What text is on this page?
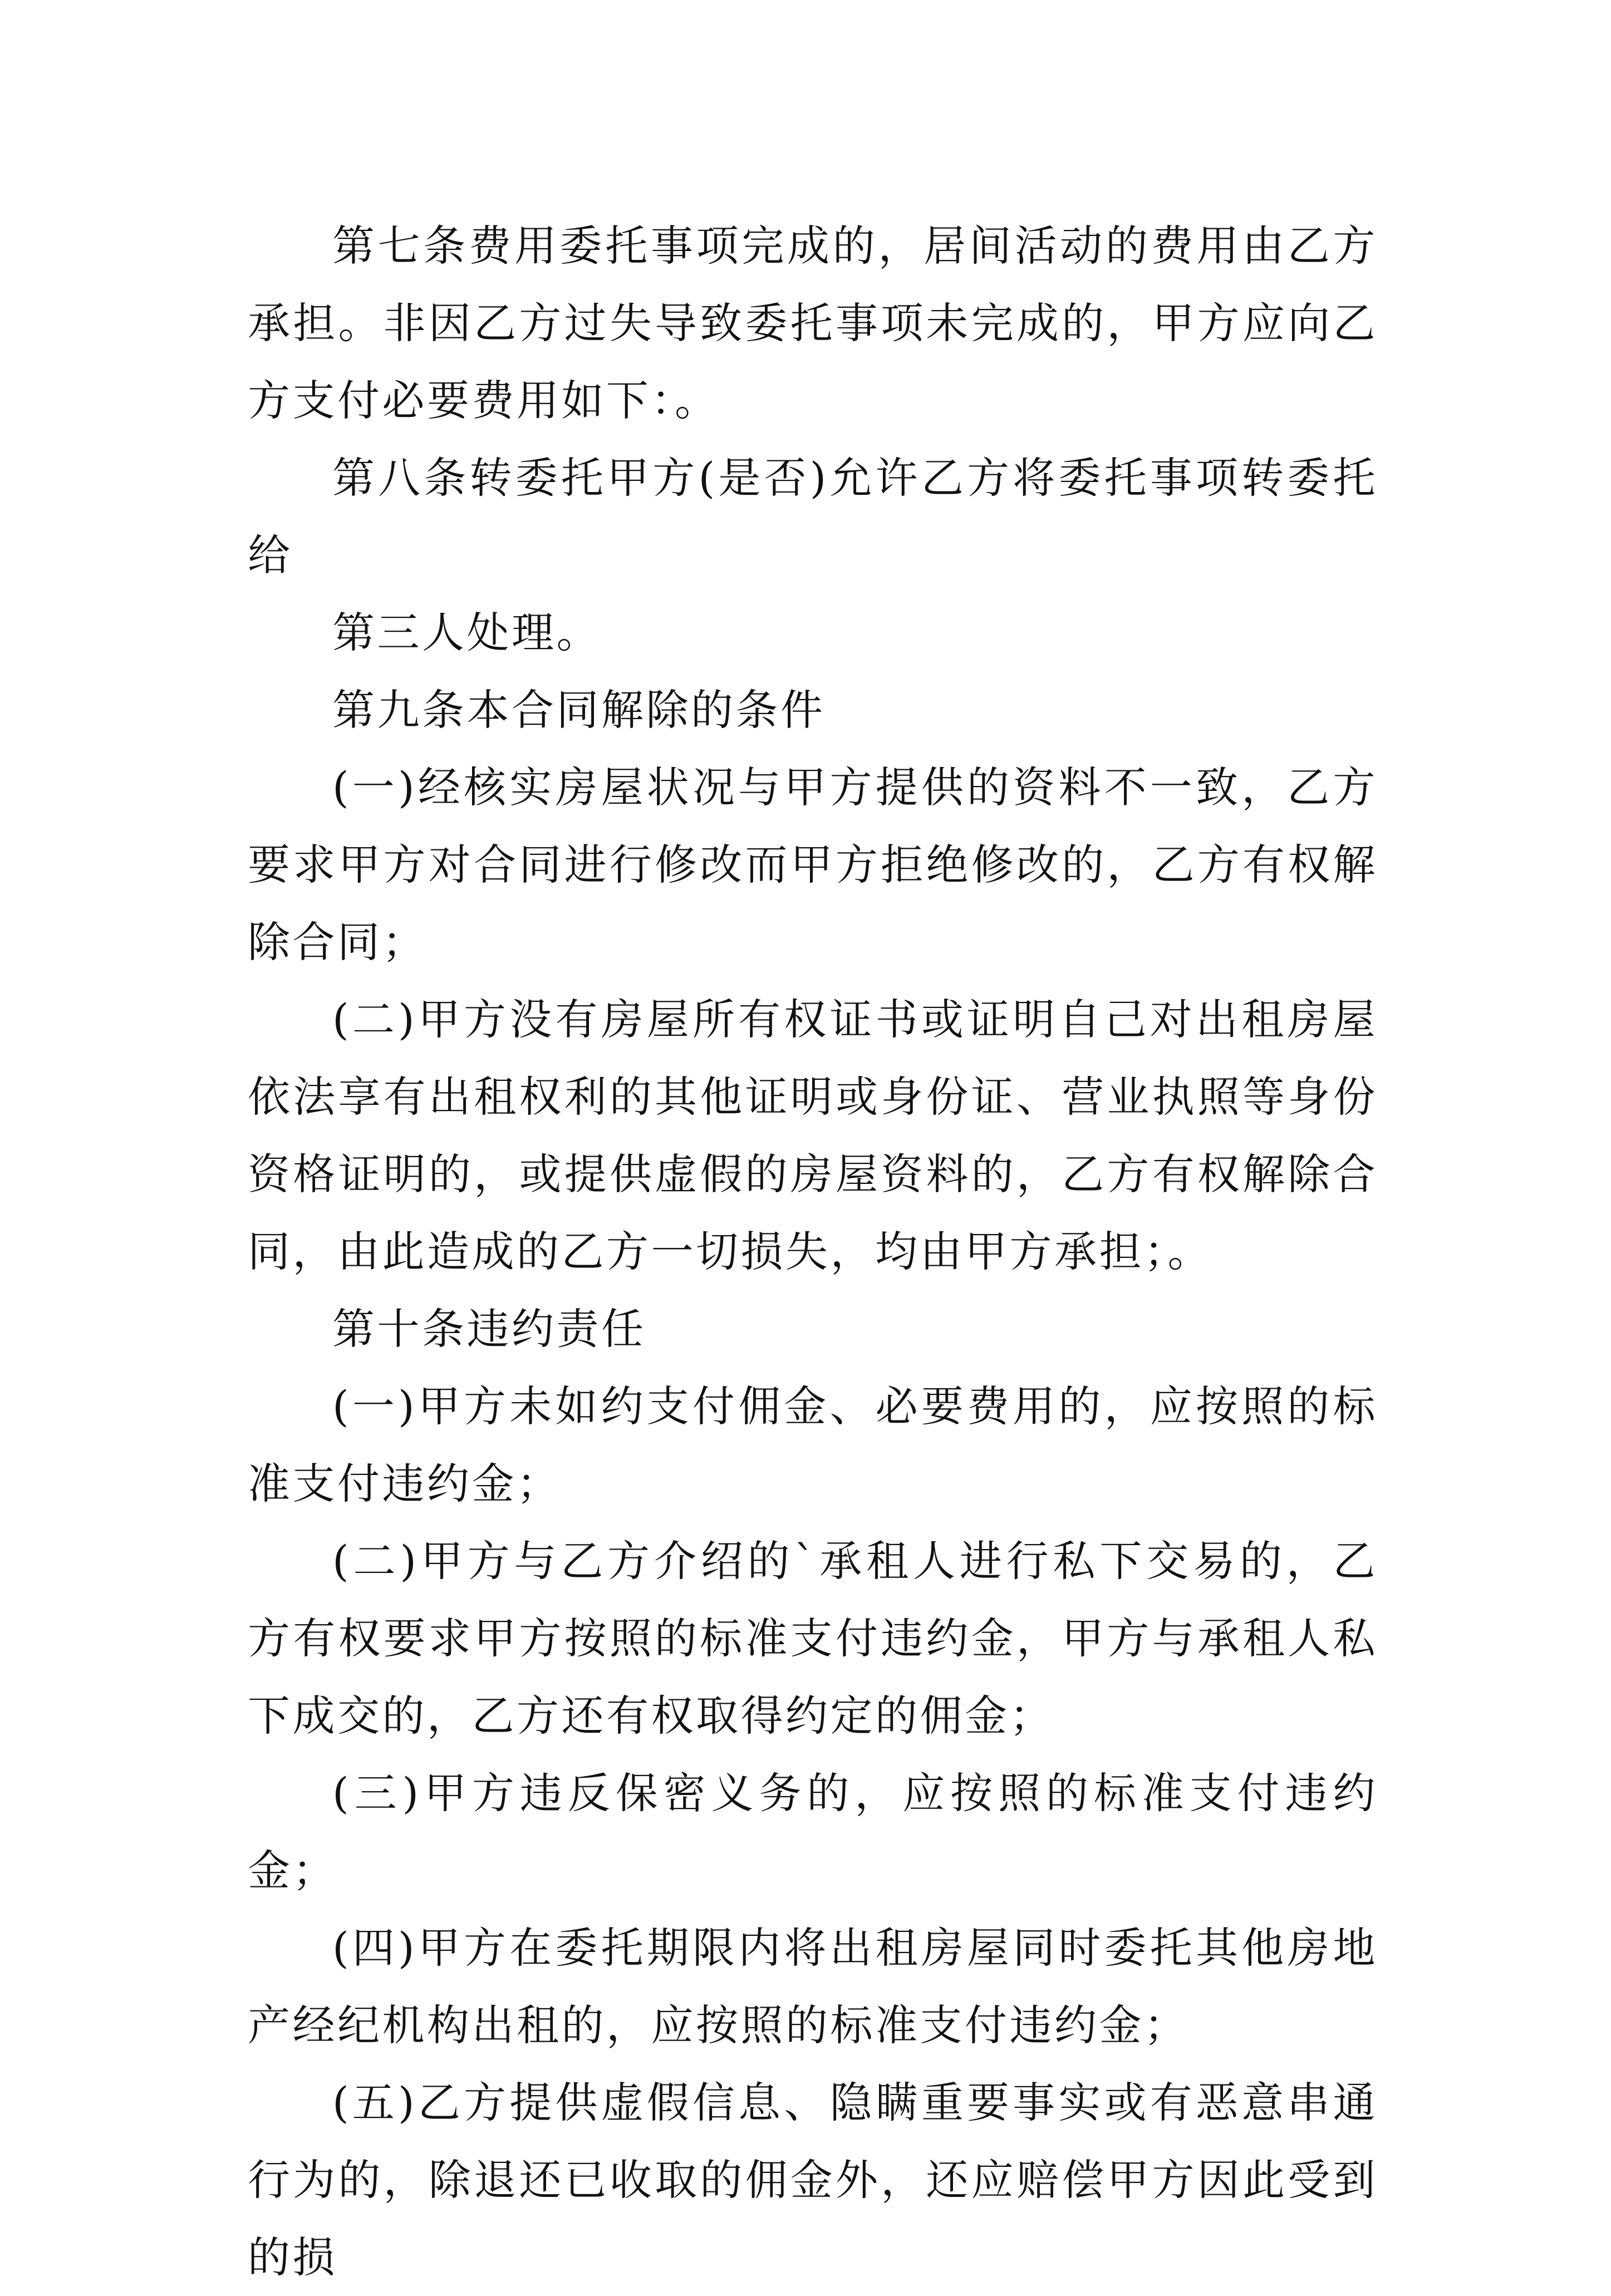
第七条费用委托事项完成的，居间活动的费用由乙方承担。非因乙方过失导致委托事项未完成的，甲方应向乙方支付必要费用如下：。

第八条转委托甲方(是否)允许乙方将委托事项转委托给

第三人处理。

第九条本合同解除的条件

(一)经核实房屋状况与甲方提供的资料不一致，乙方要求甲方对合同进行修改而甲方拒绝修改的，乙方有权解除合同；

(二)甲方没有房屋所有权证书或证明自己对出租房屋依法享有出租权利的其他证明或身份证、营业执照等身份资格证明的，或提供虚假的房屋资料的，乙方有权解除合同，由此造成的乙方一切损失，均由甲方承担；。

第十条违约责任

(一)甲方未如约支付佣金、必要费用的，应按照的标准支付违约金；

(二)甲方与乙方介绍的`承租人进行私下交易的，乙方有权要求甲方按照的标准支付违约金，甲方与承租人私下成交的，乙方还有权取得约定的佣金；

(三)甲方违反保密义务的，应按照的标准支付违约金；

(四)甲方在委托期限内将出租房屋同时委托其他房地产经纪机构出租的，应按照的标准支付违约金；

(五)乙方提供虚假信息、隐瞒重要事实或有恶意串通行为的，除退还已收取的佣金外，还应赔偿甲方因此受到的损
